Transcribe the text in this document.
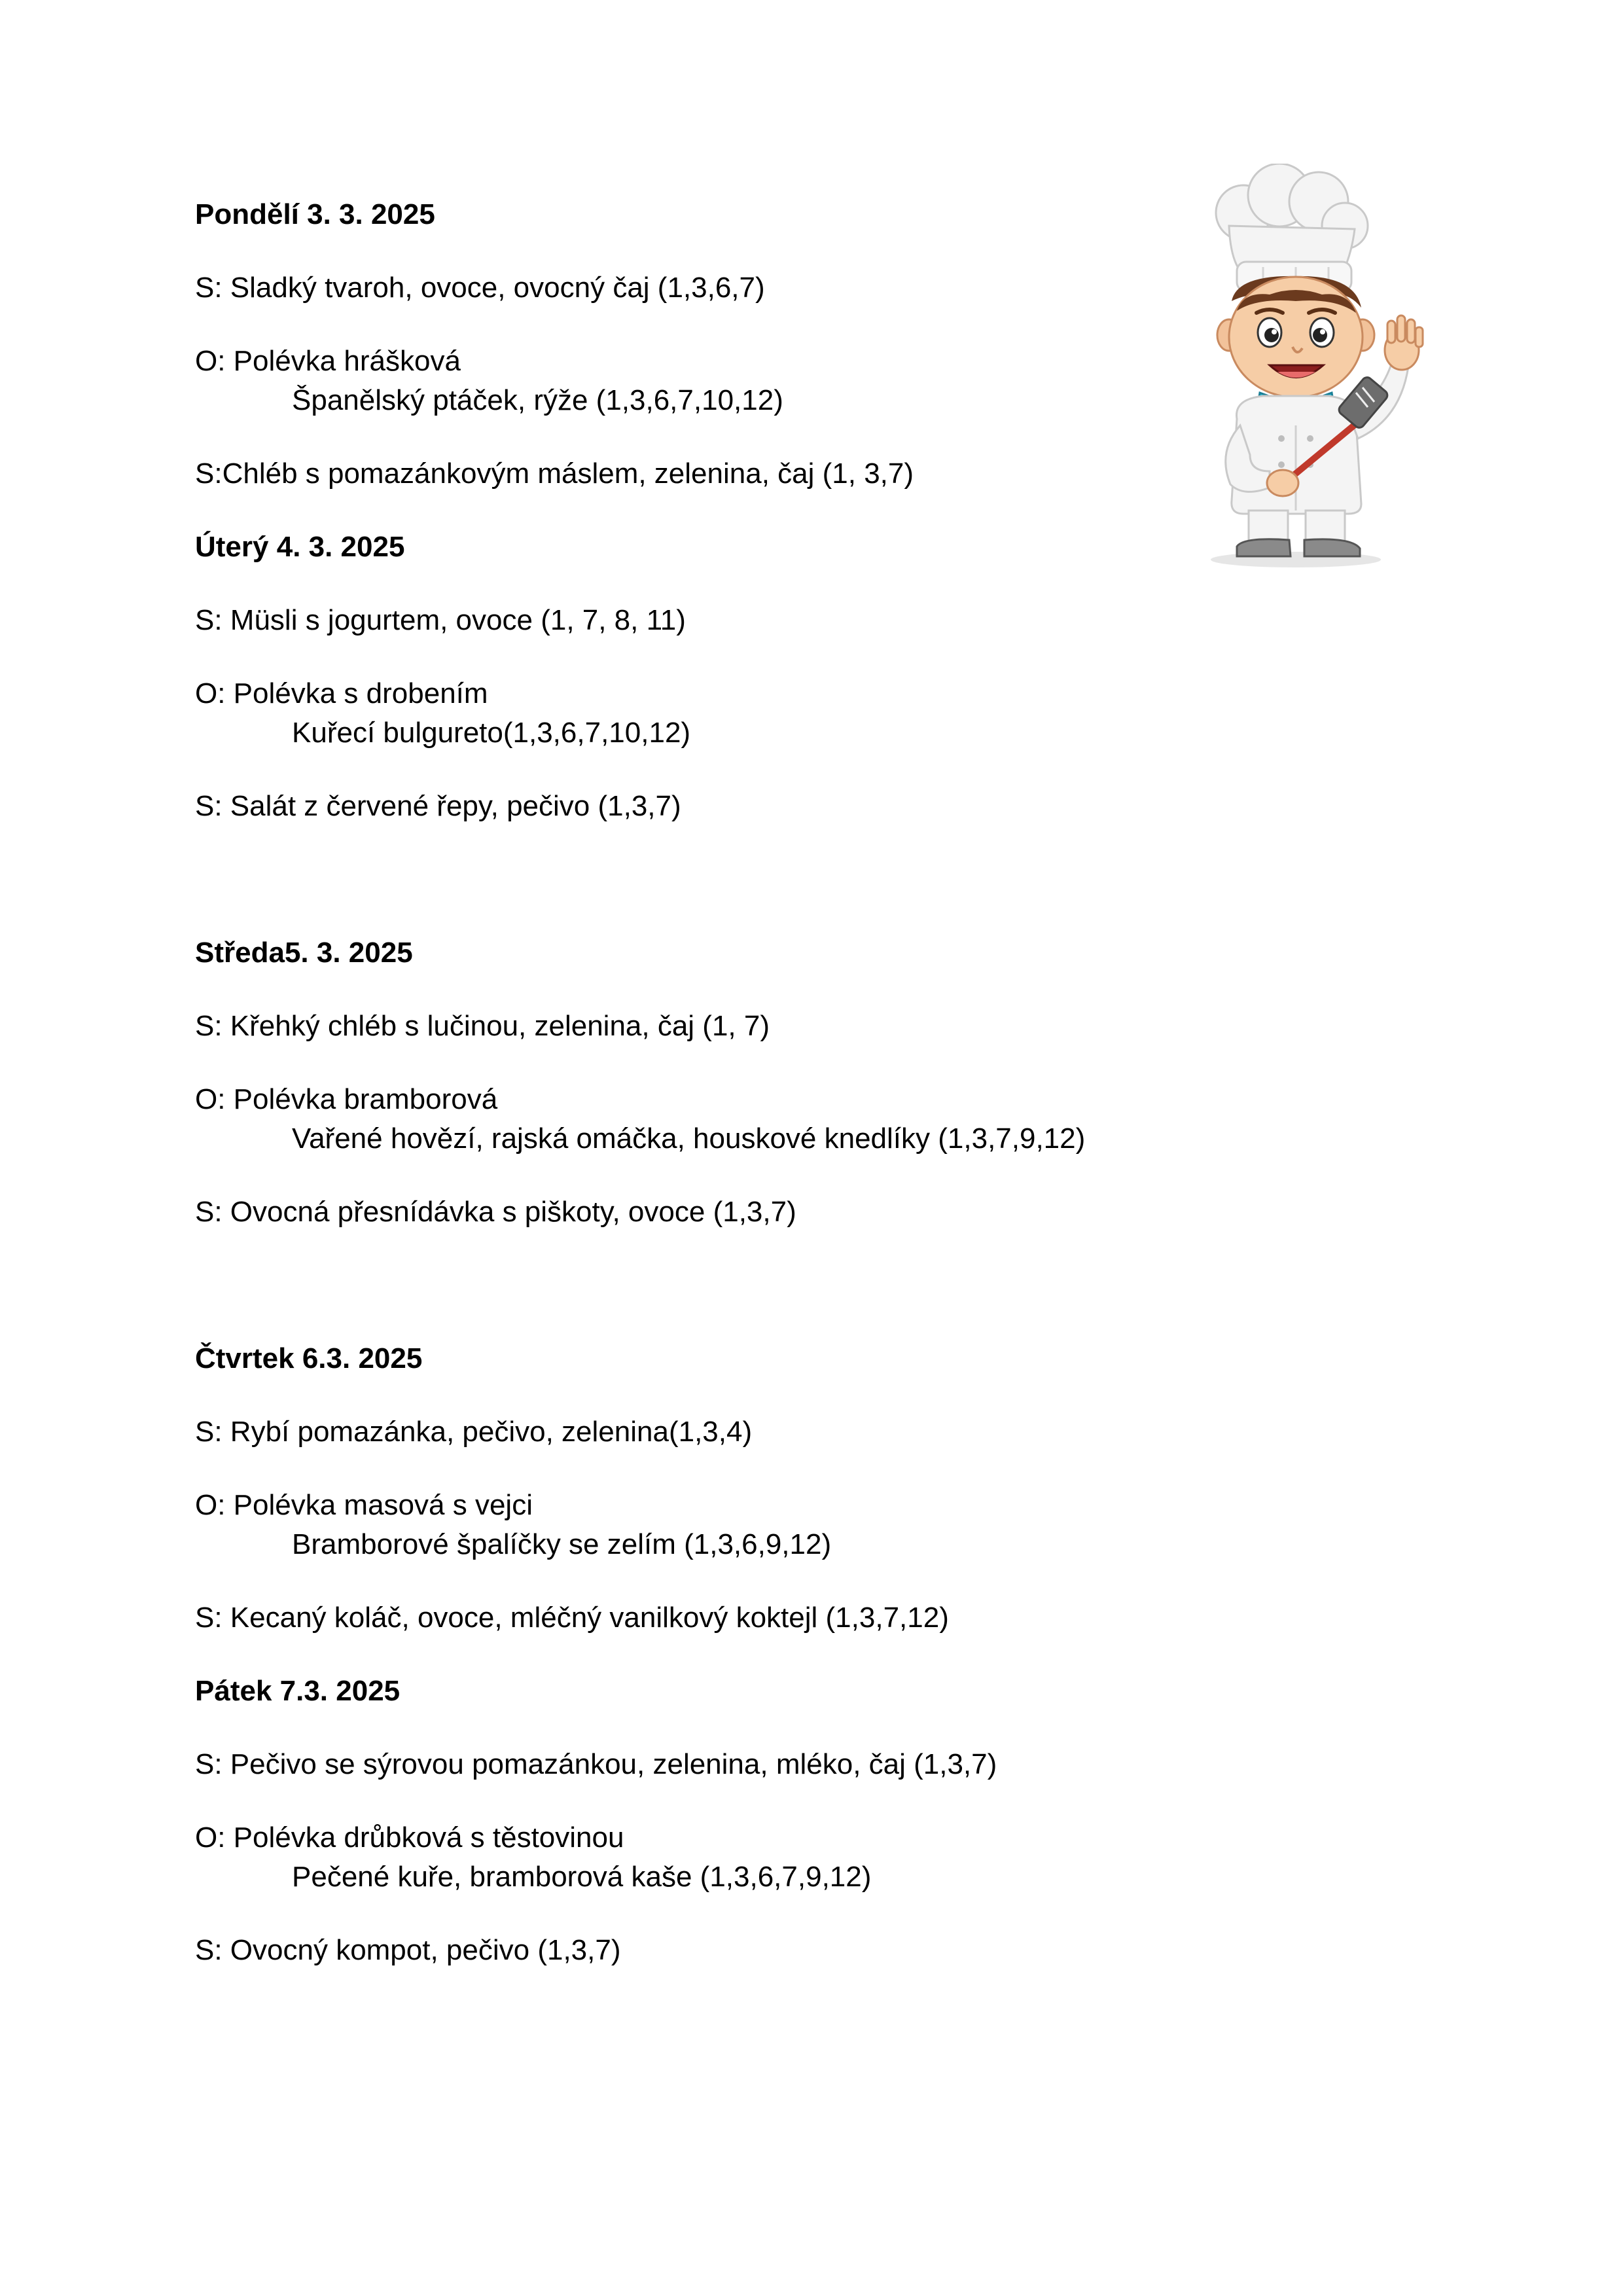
Pondělí 3. 3. 2025
S: Sladký tvaroh, ovoce, ovocný čaj (1,3,6,7)
O: Polévka hrášková
Španělský ptáček, rýže (1,3,6,7,10,12)
S:Chléb s pomazánkovým máslem, zelenina, čaj (1, 3,7)
Úterý 4. 3. 2025
S: Müsli s jogurtem, ovoce (1, 7, 8, 11)
O: Polévka s drobením
Kuřecí bulgureto(1,3,6,7,10,12)
S: Salát z červené řepy, pečivo (1,3,7)
Středa5. 3. 2025
S: Křehký chléb s lučinou, zelenina, čaj (1, 7)
O: Polévka bramborová
Vařené hovězí, rajská omáčka, houskové knedlíky (1,3,7,9,12)
S: Ovocná přesnídávka s piškoty, ovoce (1,3,7)
Čtvrtek 6.3. 2025
S: Rybí pomazánka, pečivo, zelenina(1,3,4)
O: Polévka masová s vejci
Bramborové špalíčky se zelím (1,3,6,9,12)
S: Kecaný koláč, ovoce, mléčný vanilkový koktejl (1,3,7,12)
Pátek 7.3. 2025
S: Pečivo se sýrovou pomazánkou, zelenina, mléko, čaj (1,3,7)
O: Polévka drůbková s těstovinou
Pečené kuře, bramborová kaše (1,3,6,7,9,12)
S: Ovocný kompot, pečivo (1,3,7)
